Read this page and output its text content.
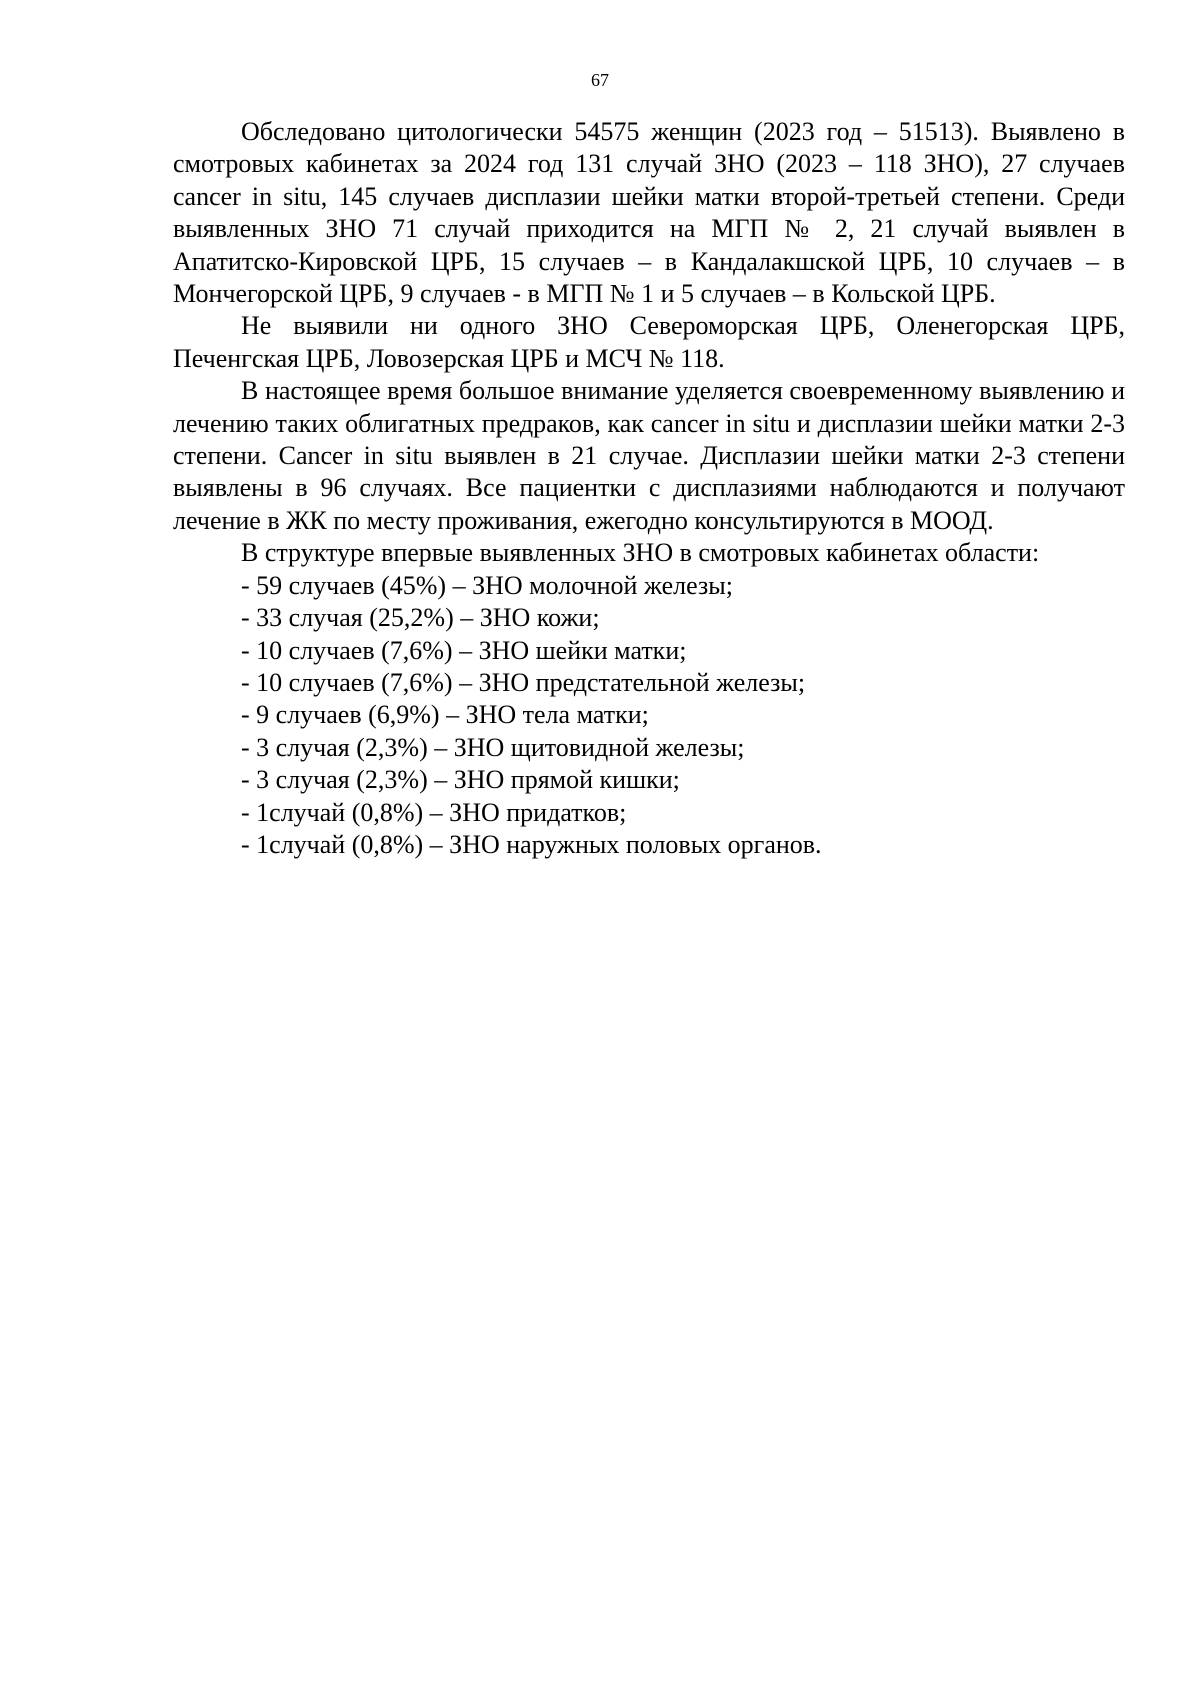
67

Обследовано цитологически 54575 женщин (2023 год – 51513). Выявлено в смотровых кабинетах за 2024 год 131 случай ЗНО (2023 – 118 ЗНО), 27 случаев cancer in situ, 145 случаев дисплазии шейки матки второй-третьей степени. Среди выявленных ЗНО 71 случай приходится на МГП № 2, 21 случай выявлен в Апатитско-Кировской ЦРБ, 15 случаев – в Кандалакшской ЦРБ, 10 случаев – в Мончегорской ЦРБ, 9 случаев - в МГП № 1 и 5 случаев – в Кольской ЦРБ.

Не выявили ни одного ЗНО Североморская ЦРБ, Оленегорская ЦРБ, Печенгская ЦРБ, Ловозерская ЦРБ и МСЧ № 118.

В настоящее время большое внимание уделяется своевременному выявлению и лечению таких облигатных предраков, как cancer in situ и дисплазии шейки матки 2-3 степени. Cancer in situ выявлен в 21 случае. Дисплазии шейки матки 2-3 степени выявлены в 96 случаях. Все пациентки с дисплазиями наблюдаются и получают лечение в ЖК по месту проживания, ежегодно консультируются в МООД.

В структуре впервые выявленных ЗНО в смотровых кабинетах области:

- 59 случаев (45%) – ЗНО молочной железы;
- 33 случая (25,2%) – ЗНО кожи;
- 10 случаев (7,6%) – ЗНО шейки матки;
- 10 случаев (7,6%) – ЗНО предстательной железы;
- 9 случаев (6,9%) – ЗНО тела матки;
- 3 случая (2,3%) – ЗНО щитовидной железы;
- 3 случая (2,3%) – ЗНО прямой кишки;
- 1случай (0,8%) – ЗНО придатков;
- 1случай (0,8%) – ЗНО наружных половых органов.
